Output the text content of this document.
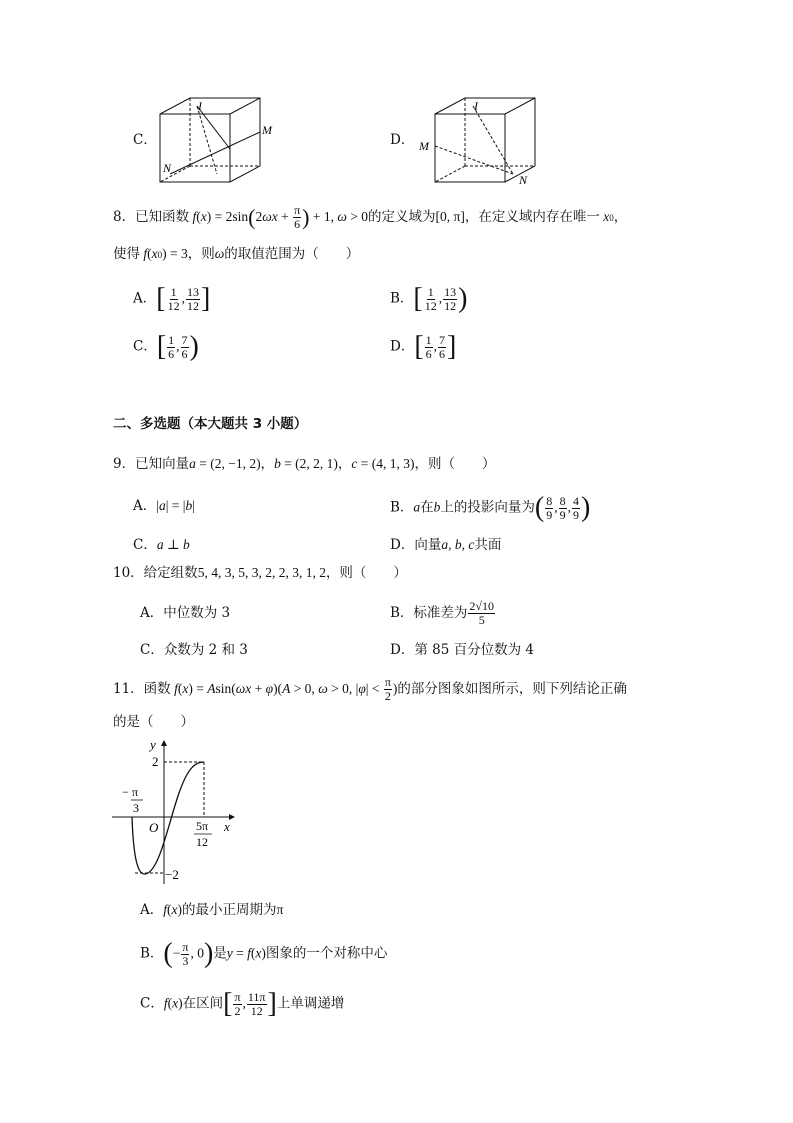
C．
I
M
N
D．
I
M
N
8．已知函数 $f(x) = 2\sin(2\omega x + \frac{\pi}{6}$ ) + 1, ω > 0的定义域为[0, π]，在定义域内存在唯一 x0，
使得 f(x0) = 3，则ω的取值范围为（　　）
A．[ $\frac{1}{12}$ , $\frac{13}{12}$ ]	B．[ $\frac{1}{12}$ , $\frac{13}{12}$ )
C．[ $\frac{1}{6}$ , $\frac{7}{6}$ )	D．[ $\frac{1}{6}$ , $\frac{7}{6}$ ]
二、多选题（本大题共 3 小题）
9．已知向量a = (2, −1, 2)，b = (2, 2, 1)，c = (4, 1, 3)，则（　　）
A．|a| = |b|	B．a在b上的投影向量为( $\frac{8}{9}$ , $\frac{8}{9}$ , $\frac{4}{9}$ )
C．a ⊥ b	D．向量a, b, c共面
10．给定组数5, 4, 3, 5, 3, 2, 2, 3, 1, 2，则（　　）
A．中位数为 3	B．标准差为 $\frac{2√10}{5}$
C．众数为 2 和 3	D．第 85 百分位数为 4
11．函数 f(x) = Asin(ωx + φ)(A > 0, ω > 0, $|\varphi| < \frac{\pi}{2}$ )的部分图象如图所示，则下列结论正确
的是（　　）
y
x
O
2
−2
− π
3
5π
12
A．f(x)的最小正周期为π
B．(− $\frac{\pi}{3}$ , 0)是y = f(x)图象的一个对称中心
C．f(x)在区间[ $\frac{\pi}{2}$ , $\frac{11\pi}{12}$ ]上单调递增
